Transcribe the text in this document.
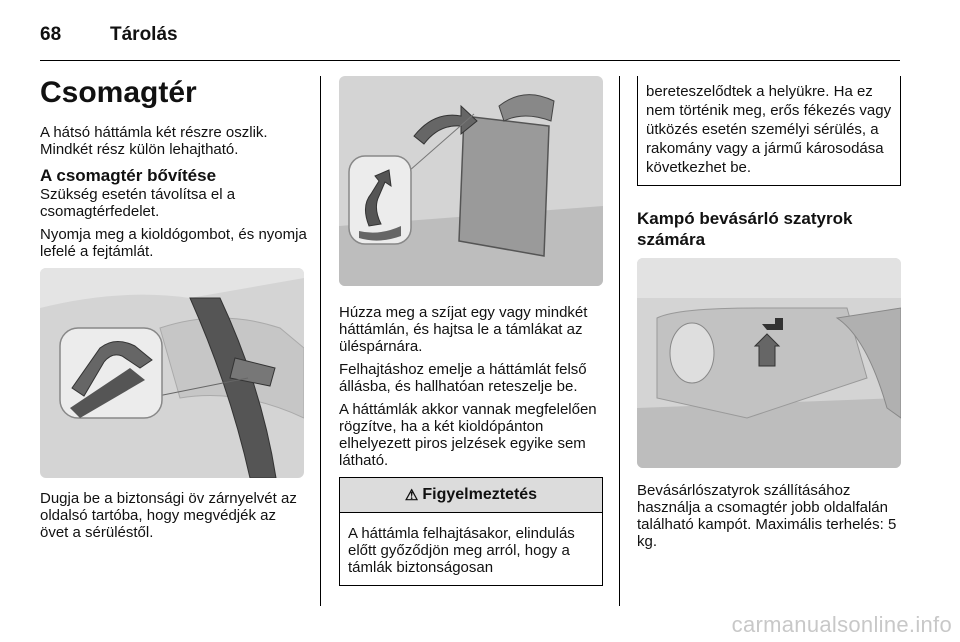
68	Tárolás
Csomagtér

A hátsó háttámla két részre oszlik. Mindkét rész külön lehajtható.

A csomagtér bővítése

Szükség esetén távolítsa el a csomagtérfedelet.

Nyomja meg a kioldógombot, és nyomja lefelé a fejtámlát.

Dugja be a biztonsági öv zárnyelvét az oldalsó tartóba, hogy megvédjék az övet a sérüléstől.

Húzza meg a szíjat egy vagy mindkét háttámlán, és hajtsa le a támlákat az üléspárnára.

Felhajtáshoz emelje a háttámlát felső állásba, és hallhatóan reteszelje be.

A háttámlák akkor vannak megfelelően rögzítve, ha a két kioldópánton elhelyezett piros jelzések egyike sem látható.

⚠ Figyelmeztetés
A háttámla felhajtásakor, elindulás előtt győződjön meg arról, hogy a támlák biztonságosan
bereteszelődtek a helyükre. Ha ez nem történik meg, erős fékezés vagy ütközés esetén személyi sérülés, a rakomány vagy a jármű károsodása következhet be.
Kampó bevásárló szatyrok számára

Bevásárlószatyrok szállításához használja a csomagtér jobb oldalfalán található kampót. Maximális terhelés: 5 kg.

carmanualsonline.info
